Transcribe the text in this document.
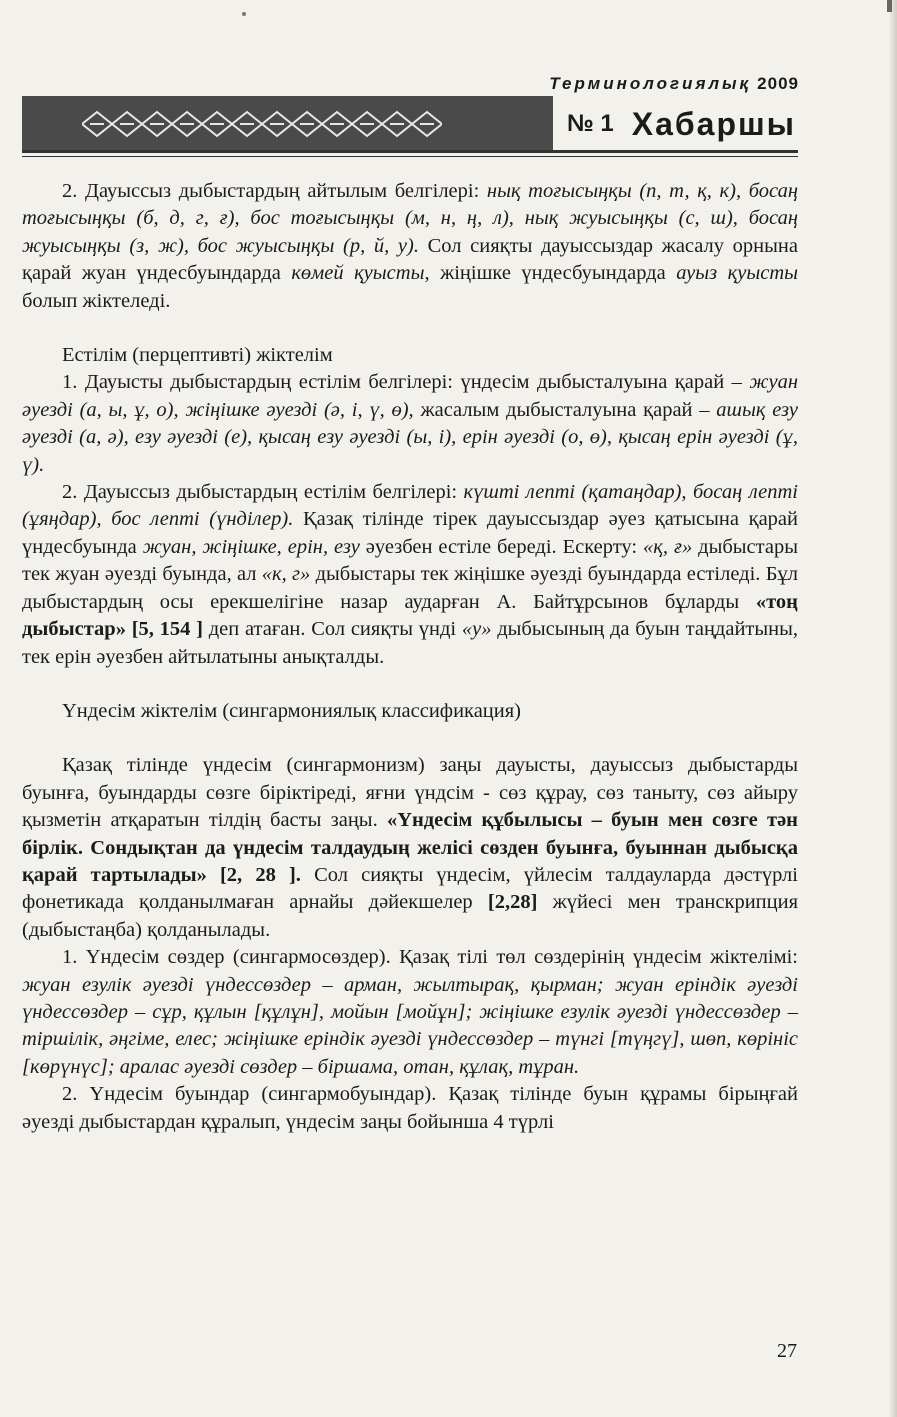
Терминологиялық 2009
№ 1 Хабаршы

2. Дауыссыз дыбыстардың айтылым белгілері: нық тоғысыңқы (п, т, қ, к), босаң тоғысыңқы (б, д, г, ғ), бос тоғысыңқы (м, н, ң, л), нық жуысыңқы (с, ш), босаң жуысыңқы (з, ж), бос жуысыңқы (р, й, у). Сол сияқты дауыссыздар жасалу орнына қарай жуан үндесбуындарда көмей қуысты, жіңішке үндесбуындарда ауыз қуысты болып жіктеледі.

Естілім (перцептивті) жіктелім

1. Дауысты дыбыстардың естілім белгілері: үндесім дыбысталуына қарай – жуан әуезді (а, ы, ұ, о), жіңішке әуезді (ә, і, ү, ө), жасалым дыбысталуына қарай – ашық езу әуезді (а, ә), езу әуезді (е), қысаң езу әуезді (ы, і), ерін әуезді (о, ө), қысаң ерін әуезді (ұ, ү).

2. Дауыссыз дыбыстардың естілім белгілері: күшті лепті (қатаңдар), босаң лепті (ұяңдар), бос лепті (үнділер). Қазақ тілінде тірек дауыссыздар әуез қатысына қарай үндесбуында жуан, жіңішке, ерін, езу әуезбен естіле береді. Ескерту: «қ, ғ» дыбыстары тек жуан әуезді буында, ал «к, г» дыбыстары тек жіңішке әуезді буындарда естіледі. Бұл дыбыстардың осы ерекшелігіне назар аударған А. Байтұрсынов бұларды «тоң дыбыстар» [5, 154 ] деп атаған. Сол сияқты үнді «у» дыбысының да буын таңдайтыны, тек ерін әуезбен айтылатыны анықталды.

Үндесім жіктелім (сингармониялық классификация)

Қазақ тілінде үндесім (сингармонизм) заңы дауысты, дауыссыз дыбыстарды буынға, буындарды сөзге біріктіреді, яғни үндсім - сөз құрау, сөз таныту, сөз айыру қызметін атқаратын тілдің басты заңы. «Үндесім құбылысы – буын мен сөзге тән бірлік. Сондықтан да үндесім талдаудың желісі сөзден буынға, буыннан дыбысқа қарай тартылады» [2, 28 ]. Сол сияқты үндесім, үйлесім талдауларда дәстүрлі фонетикада қолданылмаған арнайы дәйекшелер [2,28] жүйесі мен транскрипция (дыбыстаңба) қолданылады.

1. Үндесім сөздер (сингармосөздер). Қазақ тілі төл сөздерінің үндесім жіктелімі: жуан езулік әуезді үндессөздер – арман, жылтырақ, қырман; жуан еріндік әуезді үндессөздер – сұр, құлын [құлұн], мойын [мойұн]; жіңішке езулік әуезді үндессөздер – тіршілік, әңгіме, елес; жіңішке еріндік әуезді үндессөздер – түнгі [түңгү], шөп, көрініс [көрүнүс]; аралас әуезді сөздер – біршама, отан, құлақ, тұран.

2. Үндесім буындар (сингармобуындар). Қазақ тілінде буын құрамы бірыңғай әуезді дыбыстардан құралып, үндесім заңы бойынша 4 түрлі

27
